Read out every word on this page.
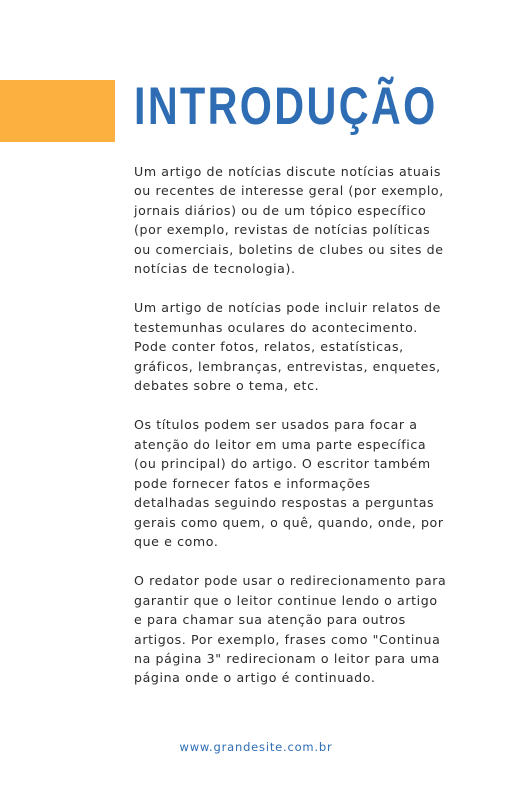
INTRODUÇÃO

Um artigo de notícias discute notícias atuais
ou recentes de interesse geral (por exemplo,
jornais diários) ou de um tópico específico
(por exemplo, revistas de notícias políticas
ou comerciais, boletins de clubes ou sites de
notícias de tecnologia).

Um artigo de notícias pode incluir relatos de
testemunhas oculares do acontecimento.
Pode conter fotos, relatos, estatísticas,
gráficos, lembranças, entrevistas, enquetes,
debates sobre o tema, etc.

Os títulos podem ser usados para focar a
atenção do leitor em uma parte específica
(ou principal) do artigo. O escritor também
pode fornecer fatos e informações
detalhadas seguindo respostas a perguntas
gerais como quem, o quê, quando, onde, por
que e como.

O redator pode usar o redirecionamento para
garantir que o leitor continue lendo o artigo
e para chamar sua atenção para outros
artigos. Por exemplo, frases como "Continua
na página 3" redirecionam o leitor para uma
página onde o artigo é continuado.

www.grandesite.com.br
